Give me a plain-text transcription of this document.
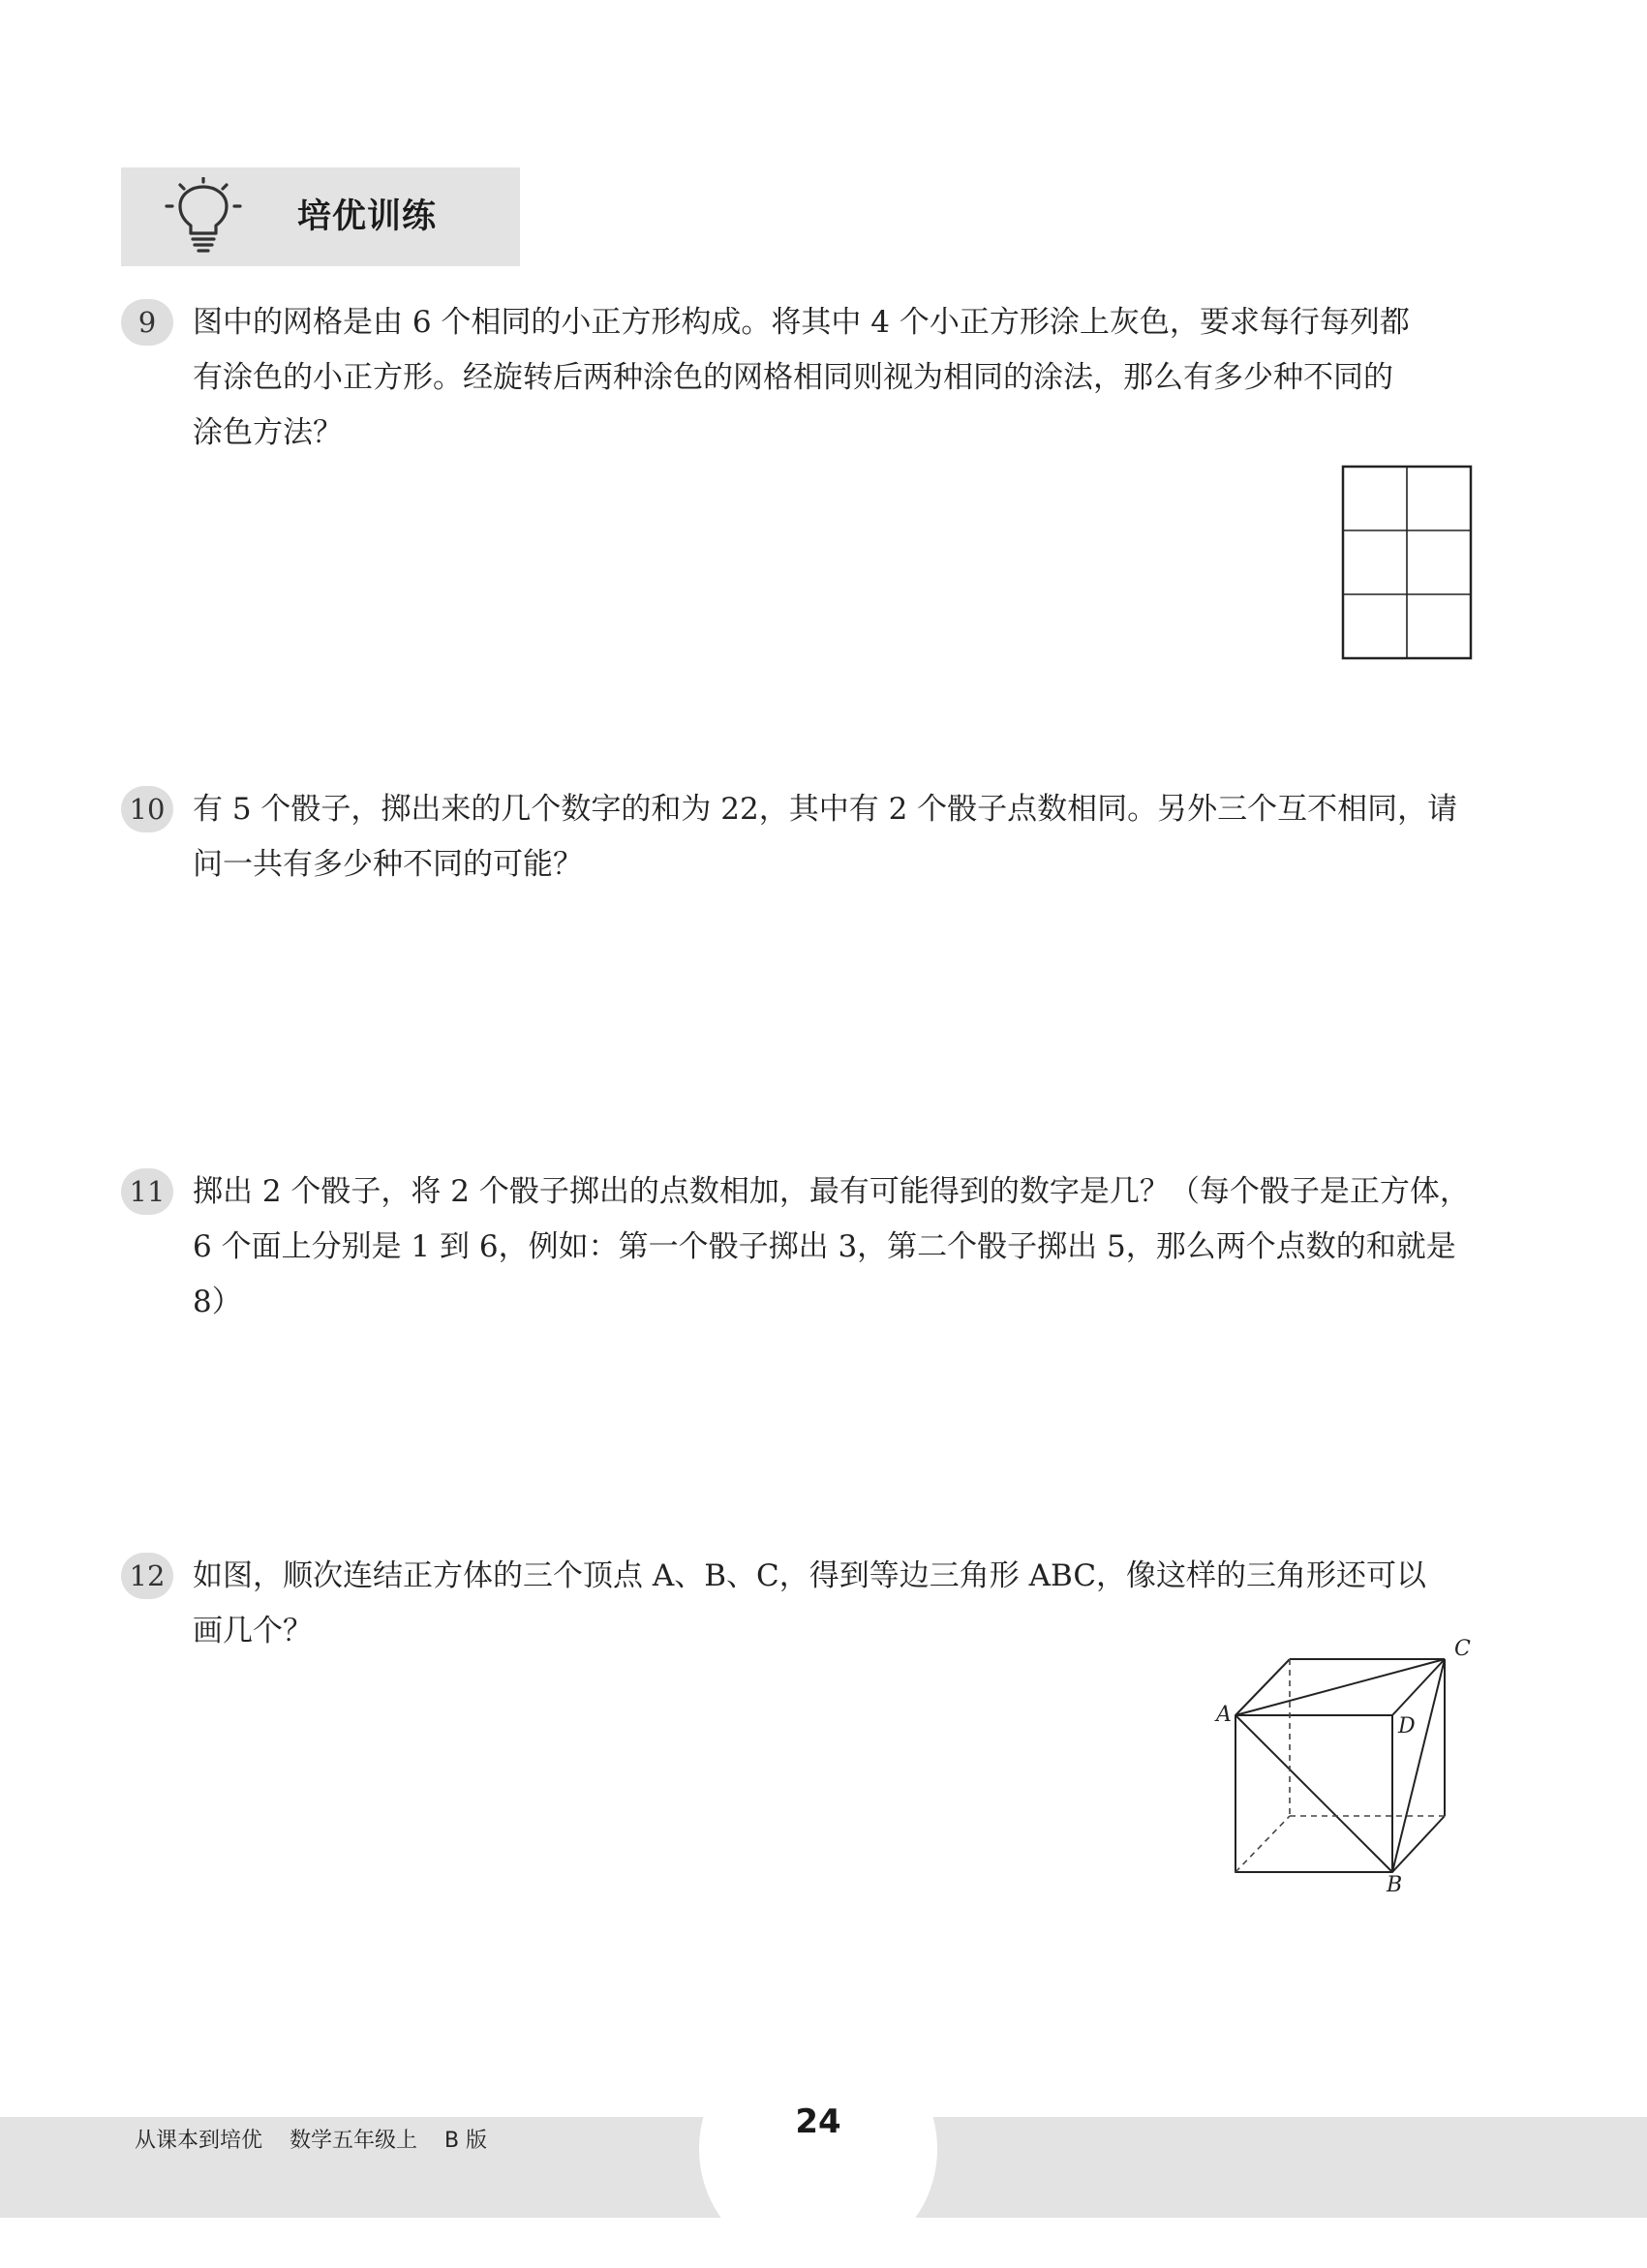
培优训练
9	图中的网格是由 6 个相同的小正方形构成。将其中 4 个小正方形涂上灰色，要求每行每列都
有涂色的小正方形。经旋转后两种涂色的网格相同则视为相同的涂法，那么有多少种不同的
涂色方法？
10 有 5 个骰子，掷出来的几个数字的和为 22，其中有 2 个骰子点数相同。另外三个互不相同，请
问一共有多少种不同的可能？
11 掷出 2 个骰子，将 2 个骰子掷出的点数相加，最有可能得到的数字是几？（每个骰子是正方体，
6 个面上分别是 1 到 6，例如：第一个骰子掷出 3，第二个骰子掷出 5，那么两个点数的和就是
8）
12 如图，顺次连结正方体的三个顶点 A、B、C，得到等边三角形 ABC，像这样的三角形还可以
画几个？
A
B
C
D
从课本到培优    数学五年级上    B 版	24
